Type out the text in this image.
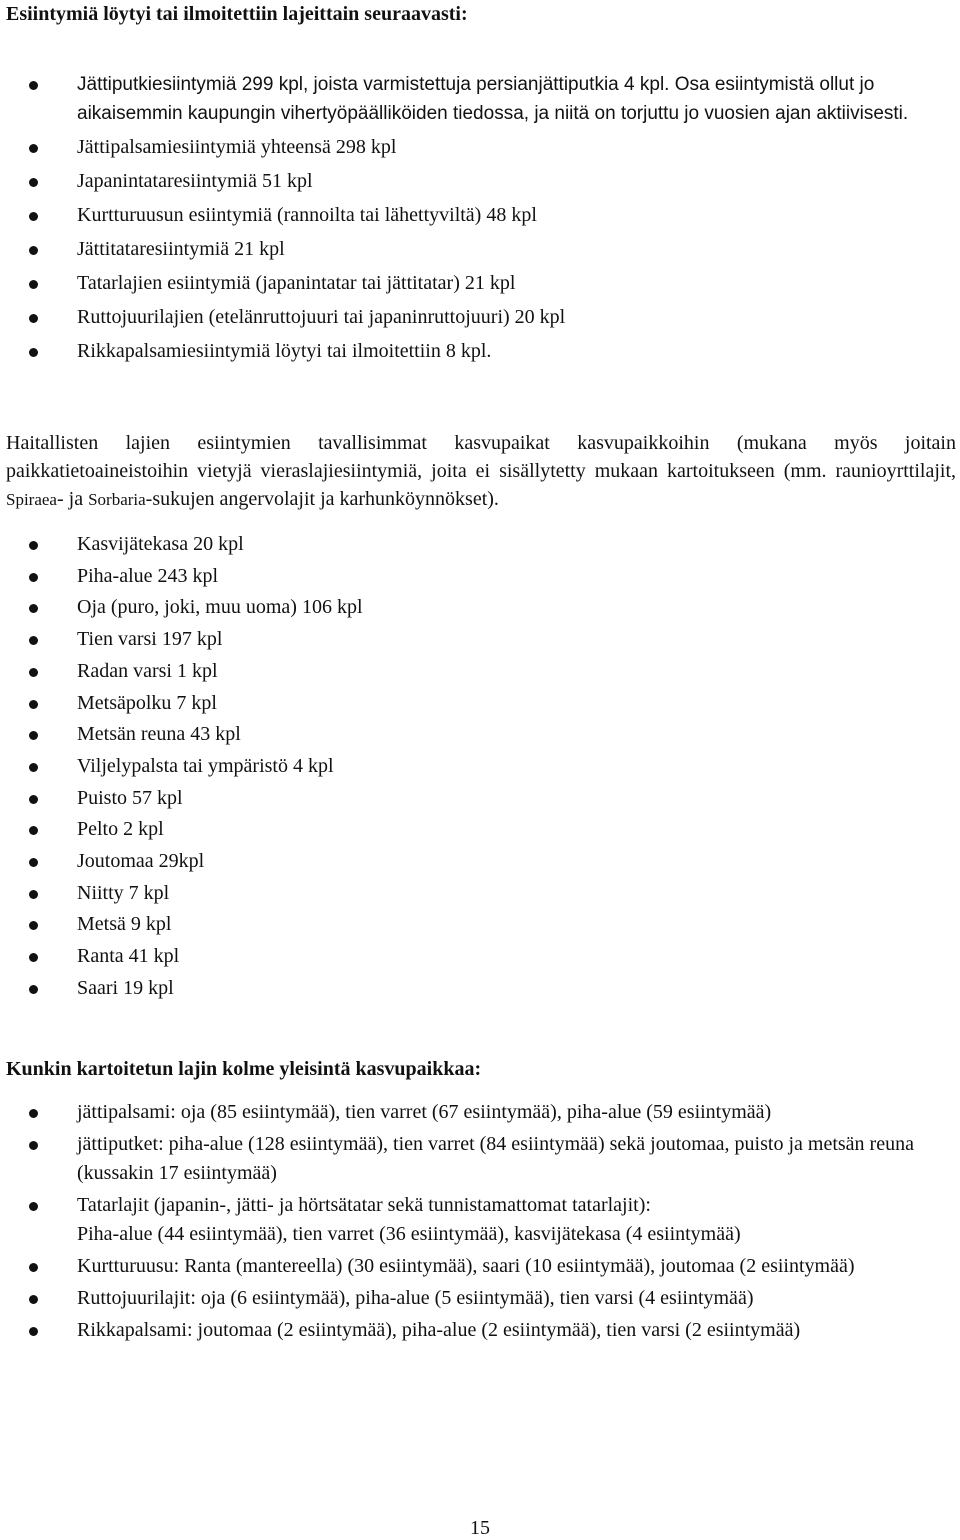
Esiintymiä löytyi tai ilmoitettiin lajeittain seuraavasti:
Jättiputkiesiintymiä 299 kpl, joista varmistettuja persianjättiputkia 4 kpl. Osa esiintymistä ollut jo aikaisemmin kaupungin vihertyöpäälliköiden tiedossa, ja niitä on torjuttu jo vuosien ajan aktiivisesti.
Jättipalsamiesiintymiä yhteensä 298 kpl
Japanintataresiintymiä 51 kpl
Kurtturuusun esiintymiä (rannoilta tai lähettyviltä) 48 kpl
Jättitataresiintymiä 21 kpl
Tatarlajien esiintymiä (japanintatar tai jättitatar) 21 kpl
Ruttojuurilajien (etelänruttojuuri tai japaninruttojuuri) 20 kpl
Rikkapalsamiesiintymiä löytyi tai ilmoitettiin 8 kpl.

Haitallisten lajien esiintymien tavallisimmat kasvupaikat kasvupaikkoihin (mukana myös joitain paikkatietoaineistoihin vietyjä vieraslajiesiintymiä, joita ei sisällytetty mukaan kartoitukseen (mm. raunioyrttilajit, Spiraea- ja Sorbaria-sukujen angervolajit ja karhunköynnökset).

Kasvijätekasa 20 kpl
Piha-alue 243 kpl
Oja (puro, joki, muu uoma) 106 kpl
Tien varsi 197 kpl
Radan varsi 1 kpl
Metsäpolku 7 kpl
Metsän reuna 43 kpl
Viljelypalsta tai ympäristö 4 kpl
Puisto 57 kpl
Pelto 2 kpl
Joutomaa 29kpl
Niitty 7 kpl
Metsä 9 kpl
Ranta 41 kpl
Saari 19 kpl
Kunkin kartoitetun lajin kolme yleisintä kasvupaikkaa:
jättipalsami: oja (85 esiintymää), tien varret (67 esiintymää), piha-alue (59 esiintymää)
jättiputket: piha-alue (128 esiintymää), tien varret (84 esiintymää) sekä joutomaa, puisto ja metsän reuna (kussakin 17 esiintymää)
Tatarlajit (japanin-, jätti- ja hörtsätatar sekä tunnistamattomat tatarlajit):
Piha-alue (44 esiintymää), tien varret (36 esiintymää), kasvijätekasa (4 esiintymää)
Kurtturuusu: Ranta (mantereella) (30 esiintymää), saari (10 esiintymää), joutomaa (2 esiintymää)
Ruttojuurilajit: oja (6 esiintymää), piha-alue (5 esiintymää), tien varsi (4 esiintymää)
Rikkapalsami: joutomaa (2 esiintymää), piha-alue (2 esiintymää), tien varsi (2 esiintymää)
15
